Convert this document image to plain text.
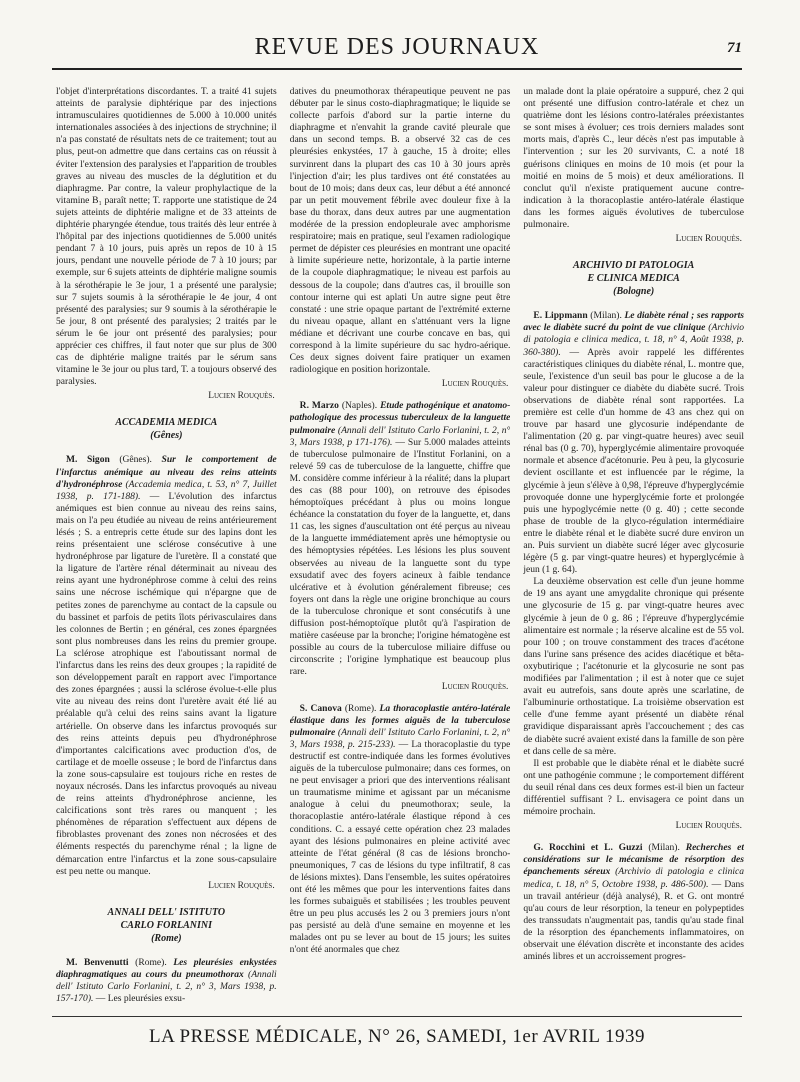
REVUE DES JOURNAUX	71

l'objet d'interprétations discordantes. T. a traité 41 sujets atteints de paralysie diphtérique par des injections intramusculaires quotidiennes de 5.000 à 10.000 unités internationales associées à des injections de strychnine; il n'a pas constaté de résultats nets de ce traitement; tout au plus, peut-on admettre que dans certains cas on réussit à éviter l'extension des paralysies et l'apparition de troubles graves au niveau des muscles de la déglutition et du diaphragme. Par contre, la valeur prophylactique de la vitamine B₁ paraît nette; T. rapporte une statistique de 24 sujets atteints de diphtérie maligne et de 33 atteints de diphtérie pharyngée étendue, tous traités dès leur entrée à l'hôpital par des injections quotidiennes de 5.000 unités pendant 7 à 10 jours, puis après un repos de 10 à 15 jours, pendant une nouvelle période de 7 à 10 jours; par exemple, sur 6 sujets atteints de diphtérie maligne soumis à la sérothérapie le 3e jour, 1 a présenté une paralysie; sur 7 sujets soumis à la sérothérapie le 4e jour, 4 ont présenté des paralysies; sur 9 soumis à la sérothérapie le 5e jour, 8 ont présenté des paralysies; 2 traités par le sérum le 6e jour ont présenté des paralysies; pour apprécier ces chiffres, il faut noter que sur plus de 300 cas de diphtérie maligne traités par le sérum sans vitamine le 3e jour ou plus tard, T. a toujours observé des paralysies.

Lucien Rouquès.
ACCADEMIA MEDICA
(Gênes)

M. Sigon (Gênes). Sur le comportement de l'infarctus anémique au niveau des reins atteints d'hydronéphrose (Accademia medica, t. 53, n° 7, Juillet 1938, p. 171-188). — L'évolution des infarctus anémiques est bien connue au niveau des reins sains, mais on l'a peu étudiée au niveau de reins antérieurement lésés ; S. a entrepris cette étude sur des lapins dont les reins présentaient une sclérose consécutive à une hydronéphrose par ligature de l'uretère. Il a constaté que la ligature de l'artère rénal déterminait au niveau des reins ayant une hydronéphrose comme à celui des reins sains une nécrose ischémique qui n'épargne que de petites zones de parenchyme au contact de la capsule ou du bassinet et parfois de petits îlots périvasculaires dans les colonnes de Bertin ; en général, ces zones épargnées sont plus nombreuses dans les reins du premier groupe. La sclérose atrophique est l'aboutissant normal de l'infarctus dans les reins des deux groupes ; la rapidité de son développement paraît en rapport avec l'importance des zones épargnées ; aussi la sclérose évolue-t-elle plus vite au niveau des reins dont l'uretère avait été lié au préalable qu'à celui des reins sains avant la ligature artérielle. On observe dans les infarctus provoqués sur des reins atteints depuis peu d'hydronéphrose d'importantes calcifications avec production d'os, de cartilage et de moelle osseuse ; le bord de l'infarctus dans la zone sous-capsulaire est toujours riche en restes de noyaux nécrosés. Dans les infarctus provoqués au niveau de reins atteints d'hydronéphrose ancienne, les calcifications sont très rares ou manquent ; les phénomènes de réparation s'effectuent aux dépens de fibroblastes provenant des zones non nécrosées et des éléments respectés du parenchyme rénal ; la ligne de démarcation entre l'infarctus et la zone sous-capsulaire est peu nette ou manque.

Lucien Rouquès.
ANNALI DELL' ISTITUTO
CARLO FORLANINI
(Rome)

M. Benvenutti (Rome). Les pleurésies enkystées diaphragmatiques au cours du pneumothorax (Annali dell' Istituto Carlo Forlanini, t. 2, n° 3, Mars 1938, p. 157-170). — Les pleurésies exsu-

datives du pneumothorax thérapeutique peuvent ne pas débuter par le sinus costo-diaphragmatique; le liquide se collecte parfois d'abord sur la partie interne du diaphragme et n'envahit la grande cavité pleurale que dans un second temps. B. a observé 32 cas de ces pleurésies enkystées, 17 à gauche, 15 à droite; elles survinrent dans la plupart des cas 10 à 30 jours après l'injection d'air; les plus tardives ont été constatées au bout de 10 mois; dans deux cas, leur début a été annoncé par un petit mouvement fébrile avec douleur fixe à la base du thorax, dans deux autres par une augmentation modérée de la pression endopleurale avec amphorisme respiratoire; mais en pratique, seul l'examen radiologique permet de dépister ces pleurésies en montrant une opacité à limite supérieure nette, horizontale, à la partie interne de la coupole diaphragmatique; le niveau est parfois au dessous de la coupole; dans d'autres cas, il brouille son contour interne qui est aplati Un autre signe peut être constaté : une strie opaque partant de l'extrémité externe du niveau opaque, allant en s'atténuant vers la ligne médiane et décrivant une courbe concave en bas, qui correspond à la limite supérieure du sac hydro-aérique. Ces deux signes doivent faire pratiquer un examen radiologique en position horizontale.

Lucien Rouquès.

R. Marzo (Naples). Etude pathogénique et anatomo-pathologique des processus tuberculeux de la languette pulmonaire (Annali dell' Istituto Carlo Forlanini, t. 2, n° 3, Mars 1938, p 171-176). — Sur 5.000 malades atteints de tuberculose pulmonaire de l'Institut Forlanini, on a relevé 59 cas de tuberculose de la languette, chiffre que M. considère comme inférieur à la réalité; dans la plupart des cas (88 pour 100), on retrouve des épisodes hémoptoïques précédant à plus ou moins longue échéance la constatation du foyer de la languette, et, dans 11 cas, les signes d'auscultation ont été perçus au niveau de la languette immédiatement après une hémoptysie ou des hémoptysies répétées. Les lésions les plus souvent observées au niveau de la languette sont du type exsudatif avec des foyers acineux à faible tendance ulcérative et à évolution généralement fibreuse; ces foyers ont dans la règle une origine bronchique au cours de la tuberculose chronique et sont consécutifs à une diffusion post-hémoptoïque plutôt qu'à l'aspiration de matière caséeuse par la bronche; l'origine hématogène est possible au cours de la tuberculose miliaire diffuse ou circonscrite ; l'origine lymphatique est beaucoup plus rare.

Lucien Rouquès.

S. Canova (Rome). La thoracoplastie antéro-latérale élastique dans les formes aiguës de la tuberculose pulmonaire (Annali dell' Istituto Carlo Forlanini, t. 2, n° 3, Mars 1938, p. 215-233). — La thoracoplastie du type destructif est contre-indiquée dans les formes évolutives aiguës de la tuberculose pulmonaire; dans ces formes, on ne peut envisager a priori que des interventions réalisant un traumatisme minime et agissant par un mécanisme analogue à celui du pneumothorax; seule, la thoracoplastie antéro-latérale élastique répond à ces conditions. C. a essayé cette opération chez 23 malades ayant des lésions pulmonaires en pleine activité avec atteinte de l'état général (8 cas de lésions broncho-pneumoniques, 7 cas de lésions du type infiltratif, 8 cas de lésions mixtes). Dans l'ensemble, les suites opératoires ont été les mêmes que pour les interventions faites dans les formes subaiguës et stabilisées ; les troubles peuvent être un peu plus accusés les 2 ou 3 premiers jours n'ont pas persisté au delà d'une semaine en moyenne et les malades ont pu se lever au bout de 15 jours; les suites n'ont été anormales que chez

un malade dont la plaie opératoire a suppuré, chez 2 qui ont présenté une diffusion contro-latérale et chez un quatrième dont les lésions contro-latérales préexistantes se sont mises à évoluer; ces trois derniers malades sont morts mais, d'après C., leur décès n'est pas imputable à l'intervention ; sur les 20 survivants, C. a noté 18 guérisons cliniques en moins de 10 mois (et pour la moitié en moins de 5 mois) et deux améliorations. Il conclut qu'il n'existe pratiquement aucune contre-indication à la thoracoplastie antéro-latérale élastique dans les formes aiguës évolutives de tuberculose pulmonaire.

Lucien Rouquès.
ARCHIVIO DI PATOLOGIA
E CLINICA MEDICA
(Bologne)

E. Lippmann (Milan). Le diabète rénal ; ses rapports avec le diabète sucré du point de vue clinique (Archivio di patologia e clinica medica, t. 18, n° 4, Août 1938, p. 360-380). — Après avoir rappelé les différentes caractéristiques cliniques du diabète rénal, L. montre que, seule, l'existence d'un seuil bas pour le glucose a de la valeur pour distinguer ce diabète du diabète sucré. Trois observations de diabète rénal sont rapportées. La première est celle d'un homme de 43 ans chez qui on trouve par hasard une glycosurie indépendante de l'alimentation (20 g. par vingt-quatre heures) avec seuil rénal bas (0 g. 70), hyperglycémie alimentaire provoquée normale et absence d'acétonurie. Peu à peu, la glycosurie devient oscillante et est influencée par le régime, la glycémie à jeun s'élève à 0,98, l'épreuve d'hyperglycémie provoquée donne une hyperglycémie forte et prolongée puis une hypoglycémie nette (0 g. 40) ; cette seconde phase de trouble de la glyco-régulation intermédiaire entre le diabète rénal et le diabète sucré dure environ un an. Puis survient un diabète sucré léger avec glycosurie légère (5 g. par vingt-quatre heures) et hyperglycémie à jeun (1 g. 64).

La deuxième observation est celle d'un jeune homme de 19 ans ayant une amygdalite chronique qui présente une glycosurie de 15 g. par vingt-quatre heures avec glycémie à jeun de 0 g. 86 ; l'épreuve d'hyperglycémie alimentaire est normale ; la réserve alcaline est de 55 vol. pour 100 ; on trouve constamment des traces d'acétone dans l'urine sans présence des acides diacétique et bêta-oxybutirique ; l'acétonurie et la glycosurie ne sont pas modifiées par l'alimentation ; il est à noter que ce sujet avait eu autrefois, sans doute après une scarlatine, de l'albuminurie orthostatique. La troisième observation est celle d'une femme ayant présenté un diabète rénal gravidique disparaissant après l'accouchement ; des cas de diabète sucré avaient existé dans la famille de son père et dans celle de sa mère.

Il est probable que le diabète rénal et le diabète sucré ont une pathogénie commune ; le comportement différent du seuil rénal dans ces deux formes est-il bien un facteur différentiel suffisant ? L. envisagera ce point dans un mémoire prochain.

Lucien Rouquès.

G. Rocchini et L. Guzzi (Milan). Recherches et considérations sur le mécanisme de résorption des épanchements séreux (Archivio di patologia e clinica medica, t. 18, n° 5, Octobre 1938, p. 486-500). — Dans un travail antérieur (déjà analysé), R. et G. ont montré qu'au cours de leur résorption, la teneur en polypeptides des transsudats n'augmentait pas, tandis qu'au stade final de la résorption des épanchements inflammatoires, on observait une élévation discrète et inconstante des acides aminés libres et un accroissement progres-

LA PRESSE MÉDICALE, N° 26, SAMEDI, 1er AVRIL 1939
